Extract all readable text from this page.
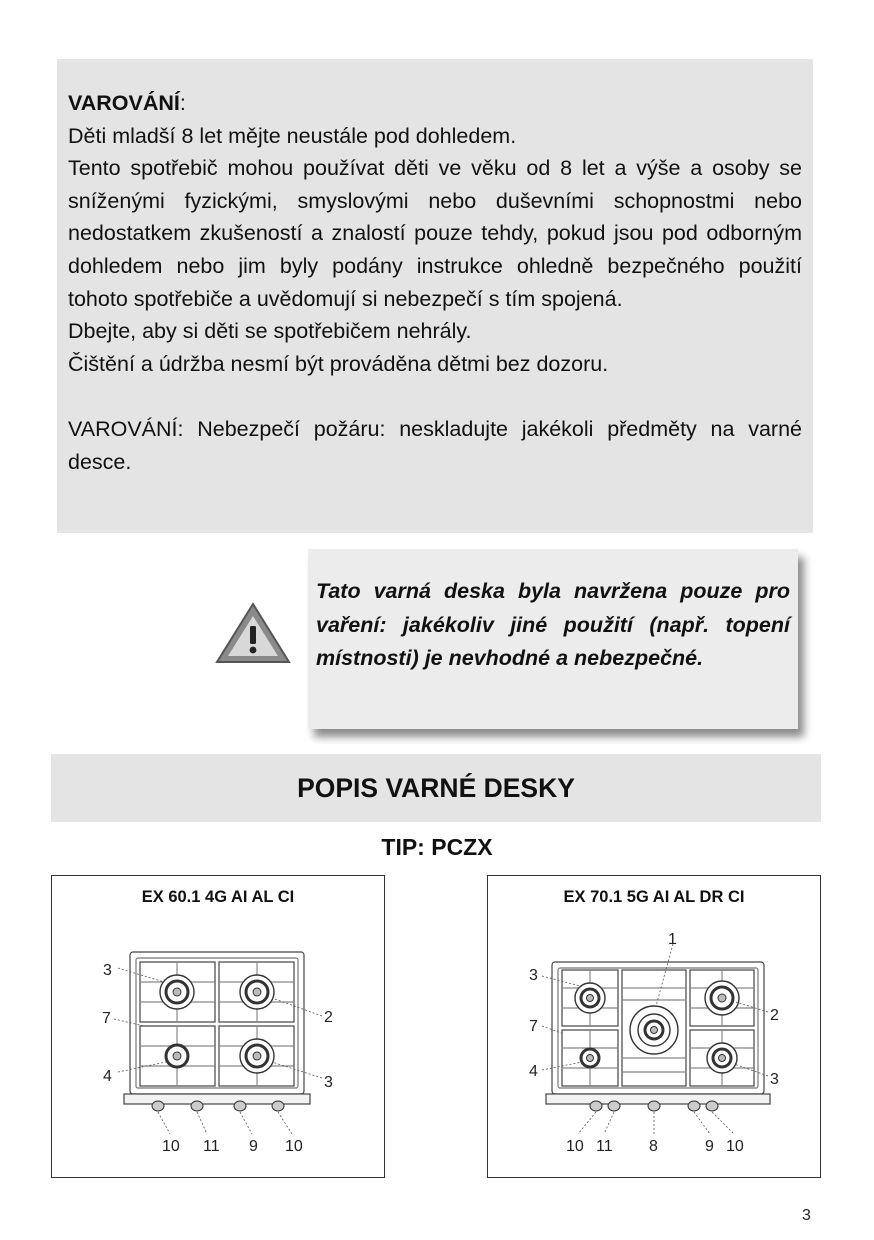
VAROVÁNÍ:

Děti mladší 8 let mějte neustále pod dohledem.

Tento spotřebič mohou používat děti ve věku od 8 let a výše a osoby se sníženými fyzickými, smyslovými nebo duševními schopnostmi nebo nedostatkem zkušeností a znalostí pouze tehdy, pokud jsou pod odborným dohledem nebo jim byly podány instrukce ohledně bezpečného použití tohoto spotřebiče a uvědomují si nebezpečí s tím spojená.

Dbejte, aby si děti se spotřebičem nehrály.

Čištění a údržba nesmí být prováděna dětmi bez dozoru.

VAROVÁNÍ: Nebezpečí požáru: neskladujte jakékoli předměty na varné desce.

Tato varná deska byla navržena pouze pro vaření: jakékoliv jiné použití (např. topení místnosti) je nevhodné a nebezpečné.

POPIS VARNÉ DESKY
TIP: PCZX
EX 60.1 4G AI AL CI
3
7
4
2
3
10 11 9 10
EX 70.1 5G AI AL DR CI
1
3
7
4
2
3
10 11 8	9 10
3
